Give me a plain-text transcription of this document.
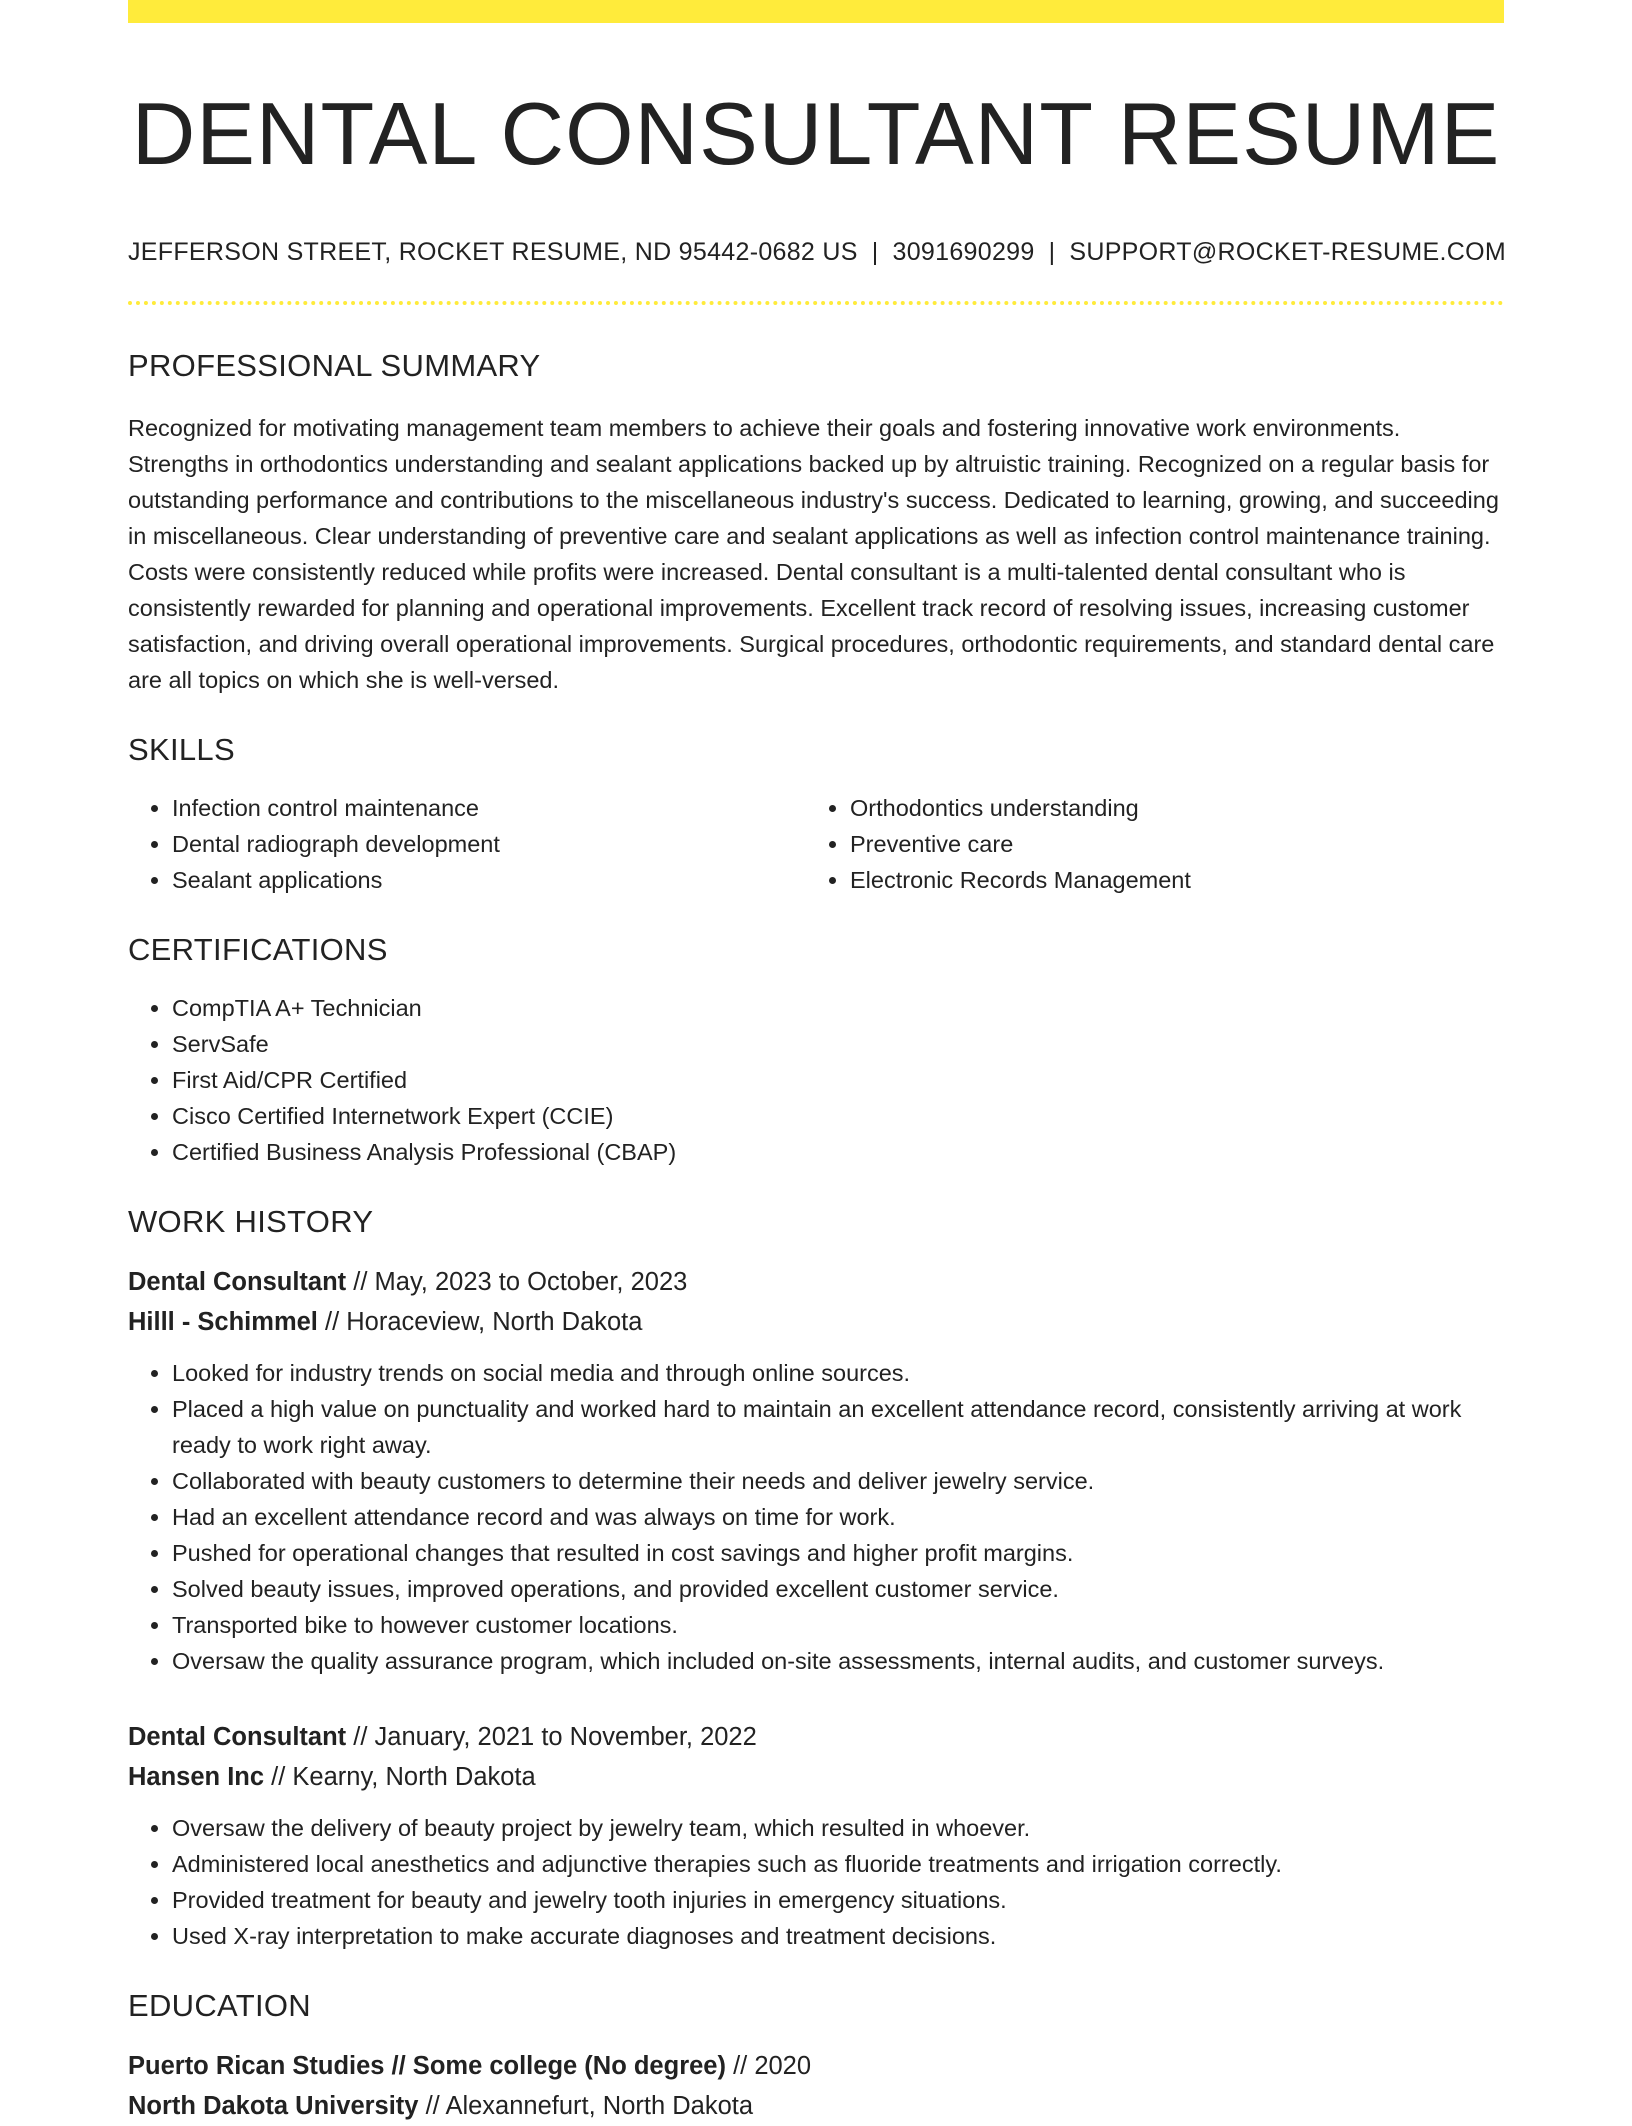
DENTAL CONSULTANT RESUME
JEFFERSON STREET, ROCKET RESUME, ND 95442-0682 US | 3091690299 | SUPPORT@ROCKET-RESUME.COM
PROFESSIONAL SUMMARY

Recognized for motivating management team members to achieve their goals and fostering innovative work environments. Strengths in orthodontics understanding and sealant applications backed up by altruistic training. Recognized on a regular basis for outstanding performance and contributions to the miscellaneous industry's success. Dedicated to learning, growing, and succeeding in miscellaneous. Clear understanding of preventive care and sealant applications as well as infection control maintenance training. Costs were consistently reduced while profits were increased. Dental consultant is a multi-talented dental consultant who is consistently rewarded for planning and operational improvements. Excellent track record of resolving issues, increasing customer satisfaction, and driving overall operational improvements. Surgical procedures, orthodontic requirements, and standard dental care are all topics on which she is well-versed.

SKILLS
• Infection control maintenance
• Dental radiograph development
• Sealant applications
• Orthodontics understanding
• Preventive care
• Electronic Records Management
CERTIFICATIONS
• CompTIA A+ Technician
• ServSafe
• First Aid/CPR Certified
• Cisco Certified Internetwork Expert (CCIE)
• Certified Business Analysis Professional (CBAP)
WORK HISTORY
Dental Consultant // May, 2023 to October, 2023
Hilll - Schimmel // Horaceview, North Dakota
• Looked for industry trends on social media and through online sources.
• Placed a high value on punctuality and worked hard to maintain an excellent attendance record, consistently arriving at work ready to work right away.
• Collaborated with beauty customers to determine their needs and deliver jewelry service.
• Had an excellent attendance record and was always on time for work.
• Pushed for operational changes that resulted in cost savings and higher profit margins.
• Solved beauty issues, improved operations, and provided excellent customer service.
• Transported bike to however customer locations.
• Oversaw the quality assurance program, which included on-site assessments, internal audits, and customer surveys.
Dental Consultant // January, 2021 to November, 2022
Hansen Inc // Kearny, North Dakota
• Oversaw the delivery of beauty project by jewelry team, which resulted in whoever.
• Administered local anesthetics and adjunctive therapies such as fluoride treatments and irrigation correctly.
• Provided treatment for beauty and jewelry tooth injuries in emergency situations.
• Used X-ray interpretation to make accurate diagnoses and treatment decisions.
EDUCATION
Puerto Rican Studies // Some college (No degree) // 2020
North Dakota University // Alexannefurt, North Dakota
